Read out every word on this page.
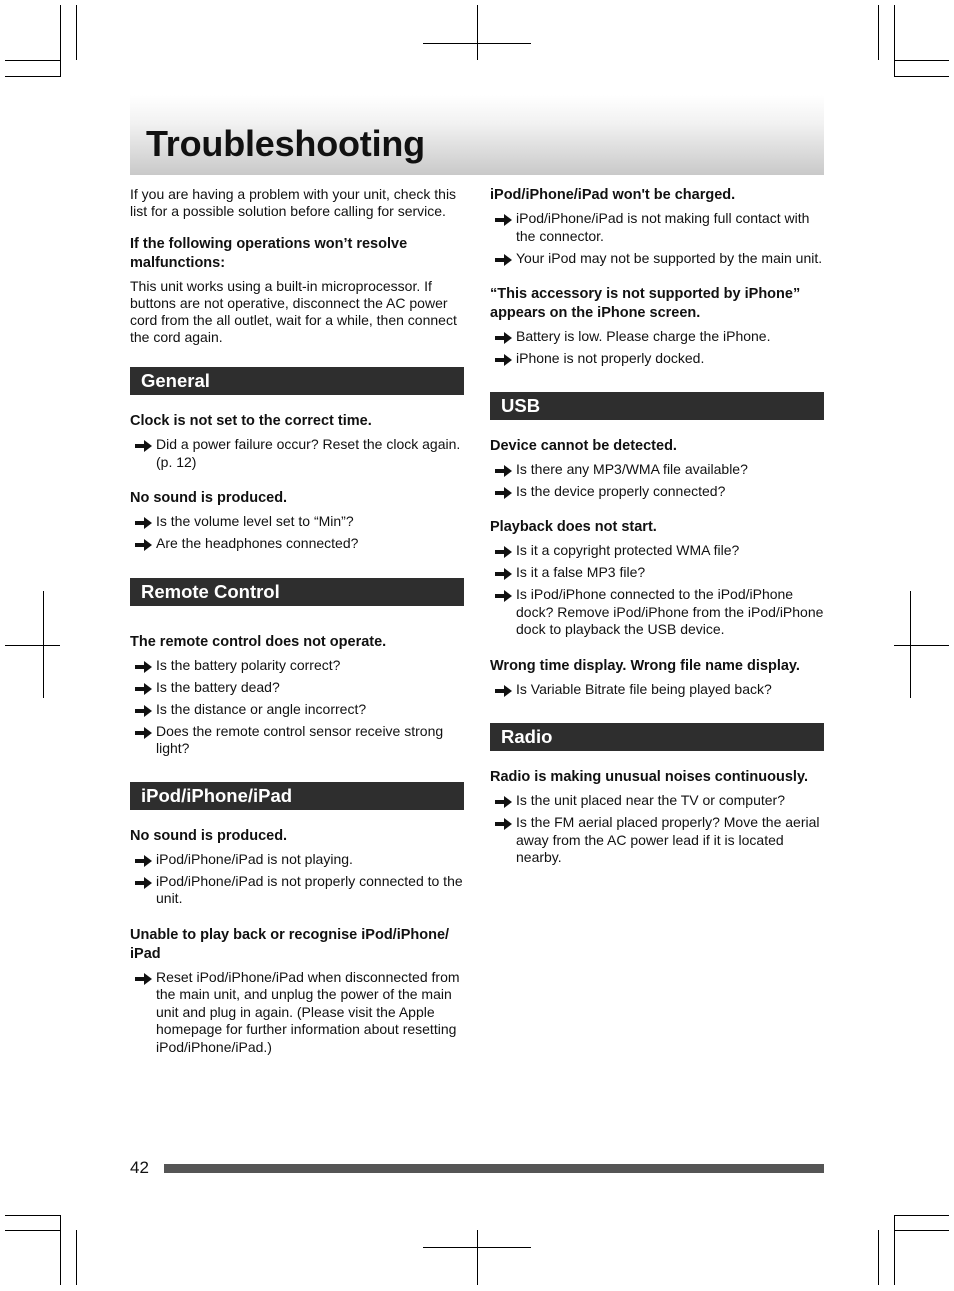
Troubleshooting

If you are having a problem with your unit, check this list for a possible solution before calling for service.

If the following operations won’t resolve malfunctions:

This unit works using a built-in microprocessor. If buttons are not operative, disconnect the AC power cord from the all outlet, wait for a while, then connect the cord again.

General

Clock is not set to the correct time.

Did a power failure occur? Reset the clock again. (p. 12)

No sound is produced.

Is the volume level set to “Min”?
Are the headphones connected?
Remote Control

The remote control does not operate.

Is the battery polarity correct?
Is the battery dead?
Is the distance or angle incorrect?
Does the remote control sensor receive strong light?
iPod/iPhone/iPad

No sound is produced.

iPod/iPhone/iPad is not playing.
iPod/iPhone/iPad is not properly connected to the unit.

Unable to play back or recognise iPod/iPhone/ iPad

Reset iPod/iPhone/iPad when disconnected from the main unit, and unplug the power of the main unit and plug in again. (Please visit the Apple homepage for further information about resetting iPod/iPhone/iPad.)

iPod/iPhone/iPad won't be charged.

iPod/iPhone/iPad is not making full contact with the connector.
Your iPod may not be supported by the main unit.

“This accessory is not supported by iPhone” appears on the iPhone screen.

Battery is low. Please charge the iPhone.
iPhone is not properly docked.
USB

Device cannot be detected.

Is there any MP3/WMA file available?
Is the device properly connected?

Playback does not start.

Is it a copyright protected WMA file?
Is it a false MP3 file?
Is iPod/iPhone connected to the iPod/iPhone dock? Remove iPod/iPhone from the iPod/iPhone dock to playback the USB device.

Wrong time display. Wrong file name display.

Is Variable Bitrate file being played back?
Radio

Radio is making unusual noises continuously.

Is the unit placed near the TV or computer?
Is the FM aerial placed properly? Move the aerial away from the AC power lead if it is located nearby.
42
